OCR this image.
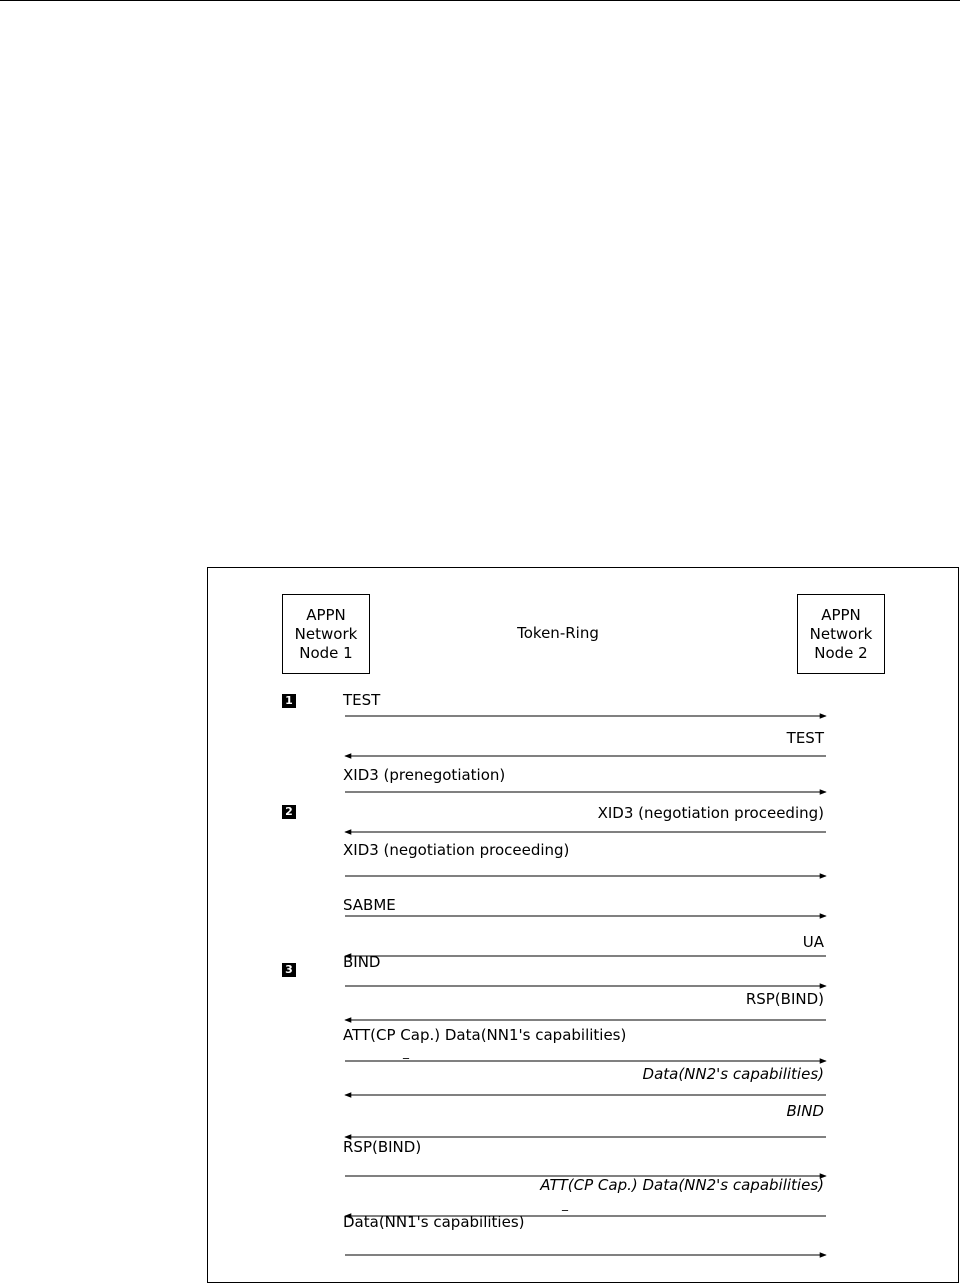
APPN
Network
Node 1
Token-Ring
APPN
Network
Node 2
1
2
3
TEST
TEST
XID3 (prenegotiation)
XID3 (negotiation proceeding)
XID3 (negotiation proceeding)
SABME
UA
BIND
RSP(BIND)
ATT(CP Cap.) Data(NN1's capabilities)
Data(NN2's capabilities)
BIND
RSP(BIND)
ATT(CP Cap.) Data(NN2's capabilities)
Data(NN1's capabilities)
_
_
